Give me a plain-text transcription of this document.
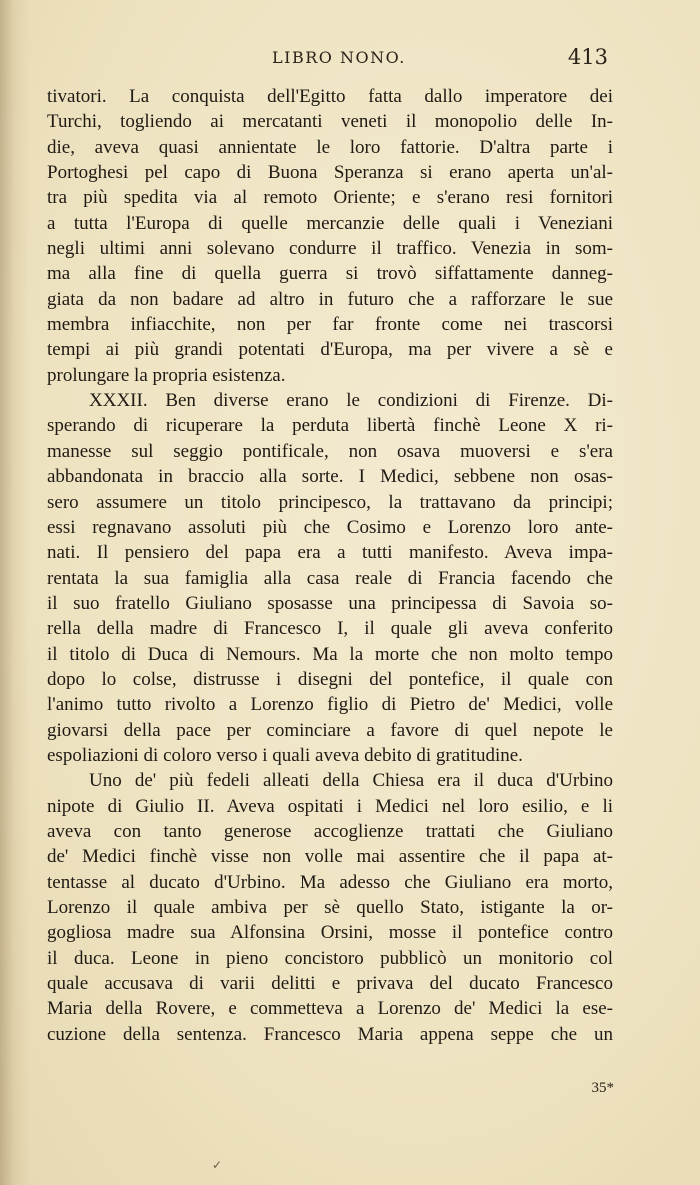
LIBRO NONO.	413
tivatori. La conquista dell'Egitto fatta dallo imperatore dei
Turchi, togliendo ai mercatanti veneti il monopolio delle In-
die, aveva quasi annientate le loro fattorie. D'altra parte i
Portoghesi pel capo di Buona Speranza si erano aperta un'al-
tra più spedita via al remoto Oriente; e s'erano resi fornitori
a tutta l'Europa di quelle mercanzie delle quali i Veneziani
negli ultimi anni solevano condurre il traffico. Venezia in som-
ma alla fine di quella guerra si trovò siffattamente danneg-
giata da non badare ad altro in futuro che a rafforzare le sue
membra infiacchite, non per far fronte come nei trascorsi
tempi ai più grandi potentati d'Europa, ma per vivere a sè e
prolungare la propria esistenza.
XXXII. Ben diverse erano le condizioni di Firenze. Di-
sperando di ricuperare la perduta libertà finchè Leone X ri-
manesse sul seggio pontificale, non osava muoversi e s'era
abbandonata in braccio alla sorte. I Medici, sebbene non osas-
sero assumere un titolo principesco, la trattavano da principi;
essi regnavano assoluti più che Cosimo e Lorenzo loro ante-
nati. Il pensiero del papa era a tutti manifesto. Aveva impa-
rentata la sua famiglia alla casa reale di Francia facendo che
il suo fratello Giuliano sposasse una principessa di Savoia so-
rella della madre di Francesco I, il quale gli aveva conferito
il titolo di Duca di Nemours. Ma la morte che non molto tempo
dopo lo colse, distrusse i disegni del pontefice, il quale con
l'animo tutto rivolto a Lorenzo figlio di Pietro de' Medici, volle
giovarsi della pace per cominciare a favore di quel nepote le
espoliazioni di coloro verso i quali aveva debito di gratitudine.
Uno de' più fedeli alleati della Chiesa era il duca d'Urbino
nipote di Giulio II. Aveva ospitati i Medici nel loro esilio, e li
aveva con tanto generose accoglienze trattati che Giuliano
de' Medici finchè visse non volle mai assentire che il papa at-
tentasse al ducato d'Urbino. Ma adesso che Giuliano era morto,
Lorenzo il quale ambiva per sè quello Stato, istigante la or-
gogliosa madre sua Alfonsina Orsini, mosse il pontefice contro
il duca. Leone in pieno concistoro pubblicò un monitorio col
quale accusava di varii delitti e privava del ducato Francesco
Maria della Rovere, e commetteva a Lorenzo de' Medici la ese-
cuzione della sentenza. Francesco Maria appena seppe che un
35*
✓
